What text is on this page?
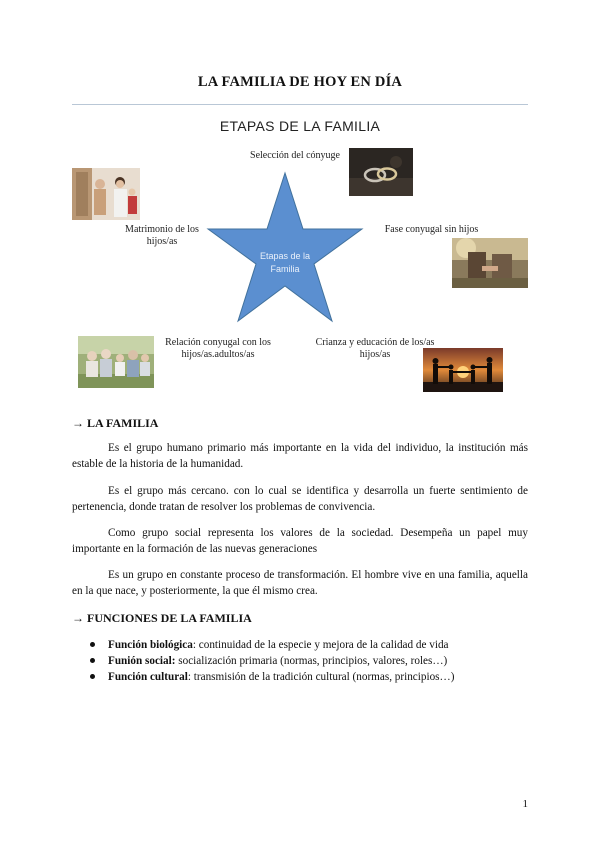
LA FAMILIA DE HOY EN DÍA
ETAPAS DE LA FAMILIA
Etapas de la
Familia
Selección del cónyuge
Fase conyugal sin hijos
Crianza y educación de los/as hijos/as
Relación conyugal con los hijos/as.adultos/as
Matrimonio de los hijos/as
→ LA FAMILIA

Es el grupo humano primario más importante en la vida del individuo, la institución más estable de la historia de la humanidad.

Es el grupo más cercano. con lo cual se identifica y desarrolla un fuerte sentimiento de pertenencia, donde tratan de resolver los problemas de convivencia.

Como grupo social representa los valores de la sociedad. Desempeña un papel muy importante en la formación de las nuevas generaciones

Es un grupo en constante proceso de transformación. El hombre vive en una familia, aquella en la que nace, y posteriormente, la que él mismo crea.

→ FUNCIONES DE LA FAMILIA
Función biológica: continuidad de la especie y mejora de la calidad de vida
Funión social: socialización primaria (normas, principios, valores, roles…)
Función cultural: transmisión de la tradición cultural (normas, principios…)
1
